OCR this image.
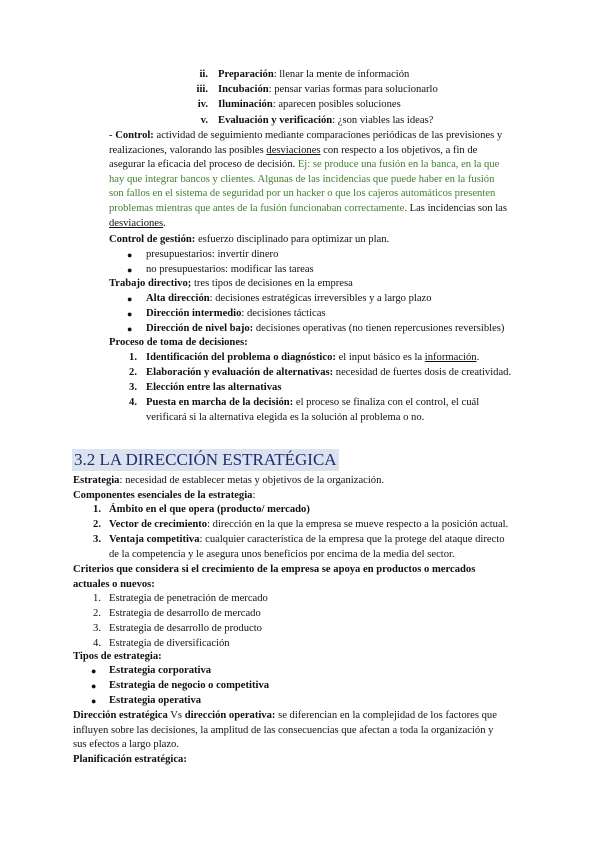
ii. Preparación: llenar la mente de información
iii. Incubación: pensar varias formas para solucionarlo
iv. Iluminación: aparecen posibles soluciones
v. Evaluación y verificación: ¿son viables las ideas?
- Control: actividad de seguimiento mediante comparaciones periódicas de las previsiones y
realizaciones, valorando las posibles desviaciones con respecto a los objetivos, a fin de
asegurar la eficacia del proceso de decisión. Ej: se produce una fusión en la banca, en la que
hay que integrar bancos y clientes. Algunas de las incidencias que puede haber en la fusión
son fallos en el sistema de seguridad por un hacker o que los cajeros automáticos presenten
problemas mientras que antes de la fusión funcionaban correctamente. Las incidencias son las
desviaciones.
Control de gestión: esfuerzo disciplinado para optimizar un plan.
● presupuestarios: invertir dinero
● no presupuestarios: modificar las tareas
Trabajo directivo; tres tipos de decisiones en la empresa
● Alta dirección: decisiones estratégicas irreversibles y a largo plazo
● Dirección intermedio: decisiones tácticas
● Dirección de nivel bajo: decisiones operativas (no tienen repercusiones reversibles)
Proceso de toma de decisiones:
1. Identificación del problema o diagnóstico: el input básico es la información.
2. Elaboración y evaluación de alternativas: necesidad de fuertes dosis de creatividad.
3. Elección entre las alternativas
4. Puesta en marcha de la decisión: el proceso se finaliza con el control, el cuál
verificará si la alternativa elegida es la solución al problema o no.
3.2 LA DIRECCIÓN ESTRATÉGICA
Estrategia: necesidad de establecer metas y objetivos de la organización.
Componentes esenciales de la estrategia:
1. Ámbito en el que opera (producto/ mercado)
2. Vector de crecimiento: dirección en la que la empresa se mueve respecto a la posición actual.
3. Ventaja competitiva: cualquier característica de la empresa que la protege del ataque directo
de la competencia y le asegura unos beneficios por encima de la media del sector.
Criterios que considera si el crecimiento de la empresa se apoya en productos o mercados
actuales o nuevos:
1. Estrategia de penetración de mercado
2. Estrategia de desarrollo de mercado
3. Estrategia de desarrollo de producto
4. Estrategia de diversificación
Tipos de estrategia:
● Estrategia corporativa
● Estrategia de negocio o competitiva
● Estrategia operativa
Dirección estratégica Vs dirección operativa: se diferencian en la complejidad de los factores que
influyen sobre las decisiones, la amplitud de las consecuencias que afectan a toda la organización y
sus efectos a largo plazo.
Planificación estratégica:
